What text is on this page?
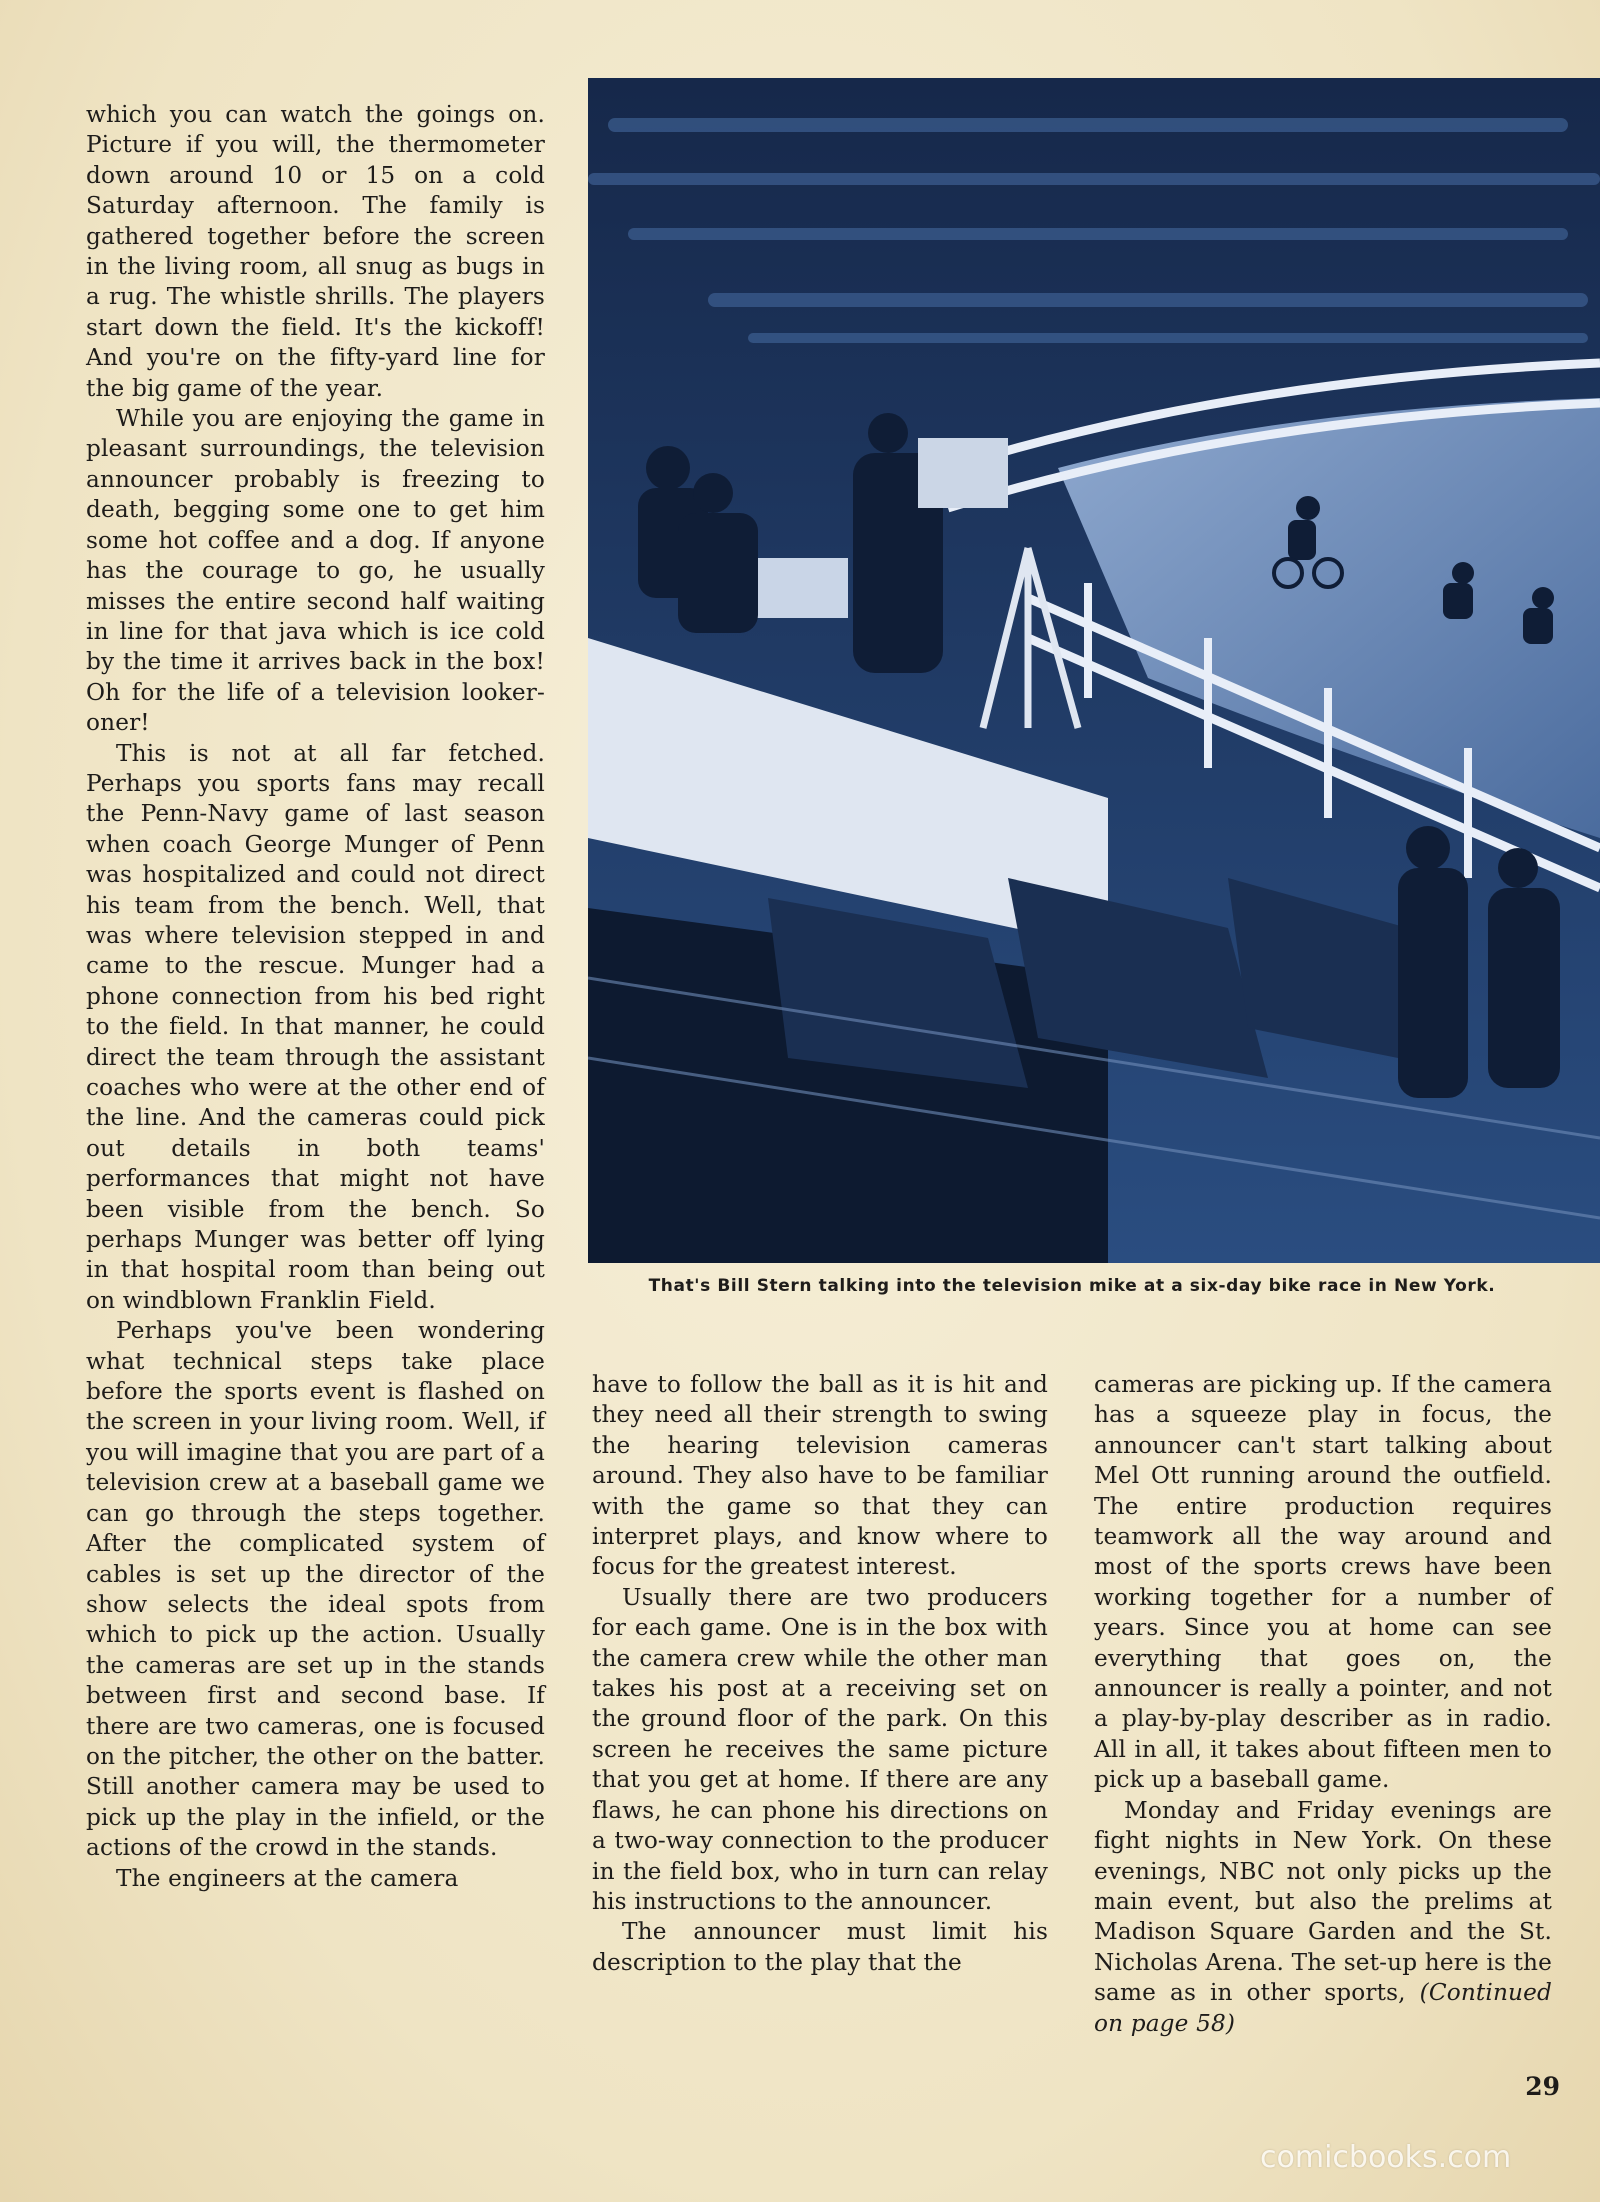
which you can watch the goings on. Picture if you will, the thermometer down around 10 or 15 on a cold Saturday afternoon. The family is gathered together before the screen in the living room, all snug as bugs in a rug. The whistle shrills. The players start down the field. It's the kickoff! And you're on the fifty-yard line for the big game of the year.

While you are enjoying the game in pleasant surroundings, the television announcer probably is freezing to death, begging some one to get him some hot coffee and a dog. If anyone has the courage to go, he usually misses the entire second half waiting in line for that java which is ice cold by the time it arrives back in the box! Oh for the life of a television looker-oner!

This is not at all far fetched. Perhaps you sports fans may recall the Penn-Navy game of last season when coach George Munger of Penn was hospitalized and could not direct his team from the bench. Well, that was where television stepped in and came to the rescue. Munger had a phone connection from his bed right to the field. In that manner, he could direct the team through the assistant coaches who were at the other end of the line. And the cameras could pick out details in both teams' performances that might not have been visible from the bench. So perhaps Munger was better off lying in that hospital room than being out on windblown Franklin Field.

Perhaps you've been wondering what technical steps take place before the sports event is flashed on the screen in your living room. Well, if you will imagine that you are part of a television crew at a baseball game we can go through the steps together. After the complicated system of cables is set up the director of the show selects the ideal spots from which to pick up the action. Usually the cameras are set up in the stands between first and second base. If there are two cameras, one is focused on the pitcher, the other on the batter. Still another camera may be used to pick up the play in the infield, or the actions of the crowd in the stands.

The engineers at the camera

That's Bill Stern talking into the television mike at a six-day bike race in New York.

have to follow the ball as it is hit and they need all their strength to swing the hearing television cameras around. They also have to be familiar with the game so that they can interpret plays, and know where to focus for the greatest interest.

Usually there are two producers for each game. One is in the box with the camera crew while the other man takes his post at a receiving set on the ground floor of the park. On this screen he receives the same picture that you get at home. If there are any flaws, he can phone his directions on a two-way connection to the producer in the field box, who in turn can relay his instructions to the announcer.

The announcer must limit his description to the play that the

cameras are picking up. If the camera has a squeeze play in focus, the announcer can't start talking about Mel Ott running around the outfield. The entire production requires teamwork all the way around and most of the sports crews have been working together for a number of years. Since you at home can see everything that goes on, the announcer is really a pointer, and not a play-by-play describer as in radio. All in all, it takes about fifteen men to pick up a baseball game.

Monday and Friday evenings are fight nights in New York. On these evenings, NBC not only picks up the main event, but also the prelims at Madison Square Garden and the St. Nicholas Arena. The set-up here is the same as in other sports, (Continued on page 58)

29
comicbooks.com
